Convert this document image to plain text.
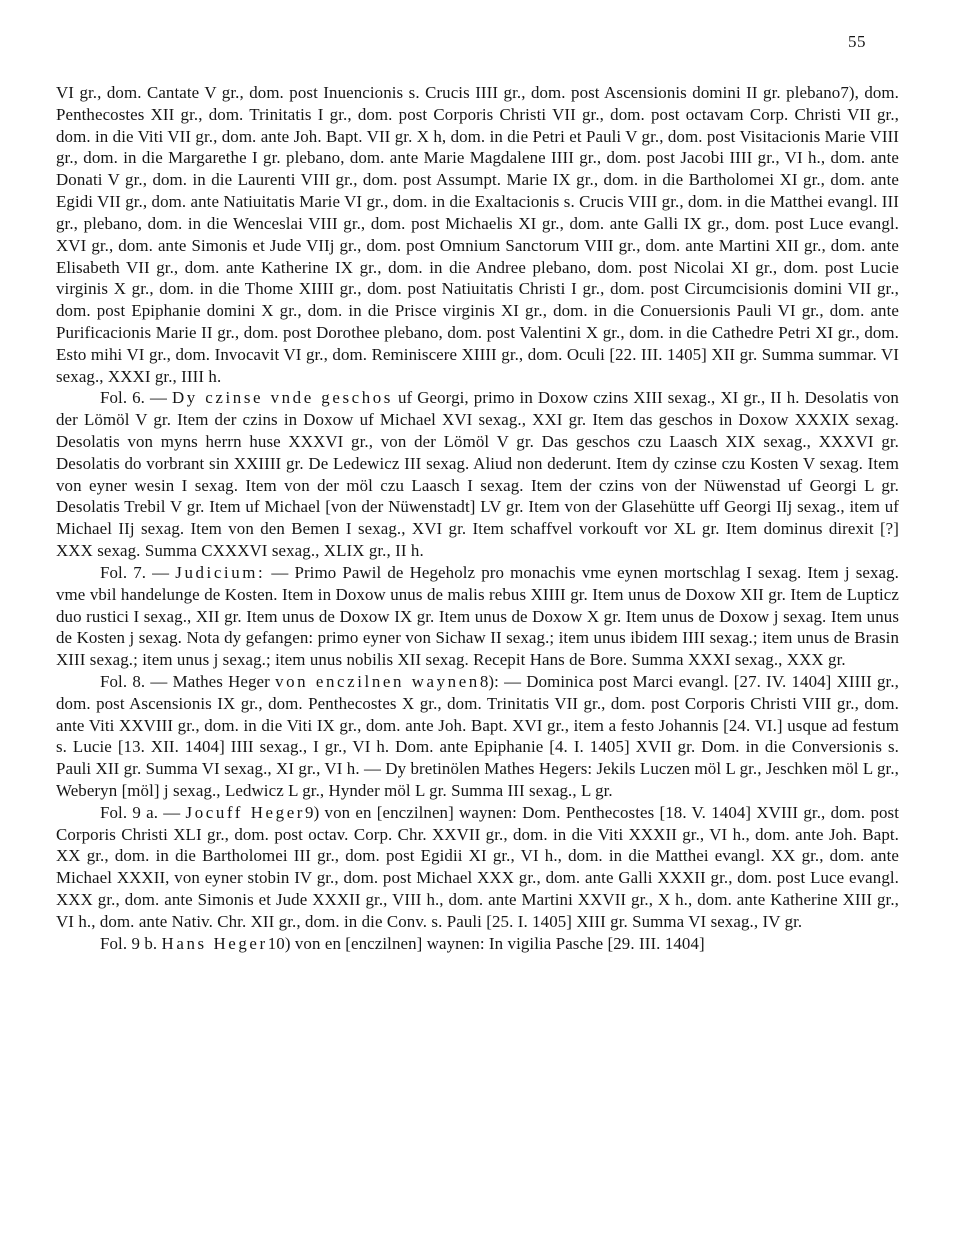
55

VI gr., dom. Cantate V gr., dom. post Inuencionis s. Crucis IIII gr., dom. post Ascensionis domini II gr. plebano7), dom. Penthecostes XII gr., dom. Trinitatis I gr., dom. post Corporis Christi VII gr., dom. post octavam Corp. Christi VII gr., dom. in die Viti VII gr., dom. ante Joh. Bapt. VII gr. X h, dom. in die Petri et Pauli V gr., dom. post Visitacionis Marie VIII gr., dom. in die Margarethe I gr. plebano, dom. ante Marie Magdalene IIII gr., dom. post Jacobi IIII gr., VI h., dom. ante Donati V gr., dom. in die Laurenti VIII gr., dom. post Assumpt. Marie IX gr., dom. in die Bartholomei XI gr., dom. ante Egidi VII gr., dom. ante Natiuitatis Marie VI gr., dom. in die Exaltacionis s. Crucis VIII gr., dom. in die Matthei evangl. III gr., plebano, dom. in die Wenceslai VIII gr., dom. post Michaelis XI gr., dom. ante Galli IX gr., dom. post Luce evangl. XVI gr., dom. ante Simonis et Jude VIIj gr., dom. post Omnium Sanctorum VIII gr., dom. ante Martini XII gr., dom. ante Elisabeth VII gr., dom. ante Katherine IX gr., dom. in die Andree plebano, dom. post Nicolai XI gr., dom. post Lucie virginis X gr., dom. in die Thome XIIII gr., dom. post Natiuitatis Christi I gr., dom. post Circumcisionis domini VII gr., dom. post Epiphanie domini X gr., dom. in die Prisce virginis XI gr., dom. in die Conuersionis Pauli VI gr., dom. ante Purificacionis Marie II gr., dom. post Dorothee plebano, dom. post Valentini X gr., dom. in die Cathedre Petri XI gr., dom. Esto mihi VI gr., dom. Invocavit VI gr., dom. Reminiscere XIIII gr., dom. Oculi [22. III. 1405] XII gr. Summa summar. VI sexag., XXXI gr., IIII h.

Fol. 6. — Dy czinse vnde geschos uf Georgi, primo in Doxow czins XIII sexag., XI gr., II h. Desolatis von der Lömöl V gr. Item der czins in Doxow uf Michael XVI sexag., XXI gr. Item das geschos in Doxow XXXIX sexag. Desolatis von myns herrn huse XXXVI gr., von der Lömöl V gr. Das geschos czu Laasch XIX sexag., XXXVI gr. Desolatis do vorbrant sin XXIIII gr. De Ledewicz III sexag. Aliud non dederunt. Item dy czinse czu Kosten V sexag. Item von eyner wesin I sexag. Item von der möl czu Laasch I sexag. Item der czins von der Nüwenstad uf Georgi L gr. Desolatis Trebil V gr. Item uf Michael [von der Nüwenstadt] LV gr. Item von der Glasehütte uff Georgi IIj sexag., item uf Michael IIj sexag. Item von den Bemen I sexag., XVI gr. Item schaffvel vorkouft vor XL gr. Item dominus direxit [?] XXX sexag. Summa CXXXVI sexag., XLIX gr., II h.

Fol. 7. — Judicium: — Primo Pawil de Hegeholz pro monachis vme eynen mortschlag I sexag. Item j sexag. vme vbil handelunge de Kosten. Item in Doxow unus de malis rebus XIIII gr. Item unus de Doxow XII gr. Item de Lupticz duo rustici I sexag., XII gr. Item unus de Doxow IX gr. Item unus de Doxow X gr. Item unus de Doxow j sexag. Item unus de Kosten j sexag. Nota dy gefangen: primo eyner von Sichaw II sexag.; item unus ibidem IIII sexag.; item unus de Brasin XIII sexag.; item unus j sexag.; item unus nobilis XII sexag. Recepit Hans de Bore. Summa XXXI sexag., XXX gr.

Fol. 8. — Mathes Heger von enczilnen waynen8): — Dominica post Marci evangl. [27. IV. 1404] XIIII gr., dom. post Ascensionis IX gr., dom. Penthecostes X gr., dom. Trinitatis VII gr., dom. post Corporis Christi VIII gr., dom. ante Viti XXVIII gr., dom. in die Viti IX gr., dom. ante Joh. Bapt. XVI gr., item a festo Johannis [24. VI.] usque ad festum s. Lucie [13. XII. 1404] IIII sexag., I gr., VI h. Dom. ante Epiphanie [4. I. 1405] XVII gr. Dom. in die Conversionis s. Pauli XII gr. Summa VI sexag., XI gr., VI h. — Dy bretinölen Mathes Hegers: Jekils Luczen möl L gr., Jeschken möl L gr., Weberyn [möl] j sexag., Ledwicz L gr., Hynder möl L gr. Summa III sexag., L gr.

Fol. 9 a. — Jocuff Heger9) von en [enczilnen] waynen: Dom. Penthecostes [18. V. 1404] XVIII gr., dom. post Corporis Christi XLI gr., dom. post octav. Corp. Chr. XXVII gr., dom. in die Viti XXXII gr., VI h., dom. ante Joh. Bapt. XX gr., dom. in die Bartholomei III gr., dom. post Egidii XI gr., VI h., dom. in die Matthei evangl. XX gr., dom. ante Michael XXXII, von eyner stobin IV gr., dom. post Michael XXX gr., dom. ante Galli XXXII gr., dom. post Luce evangl. XXX gr., dom. ante Simonis et Jude XXXII gr., VIII h., dom. ante Martini XXVII gr., X h., dom. ante Katherine XIII gr., VI h., dom. ante Nativ. Chr. XII gr., dom. in die Conv. s. Pauli [25. I. 1405] XIII gr. Summa VI sexag., IV gr.

Fol. 9 b. Hans Heger10) von en [enczilnen] waynen: In vigilia Pasche [29. III. 1404]
